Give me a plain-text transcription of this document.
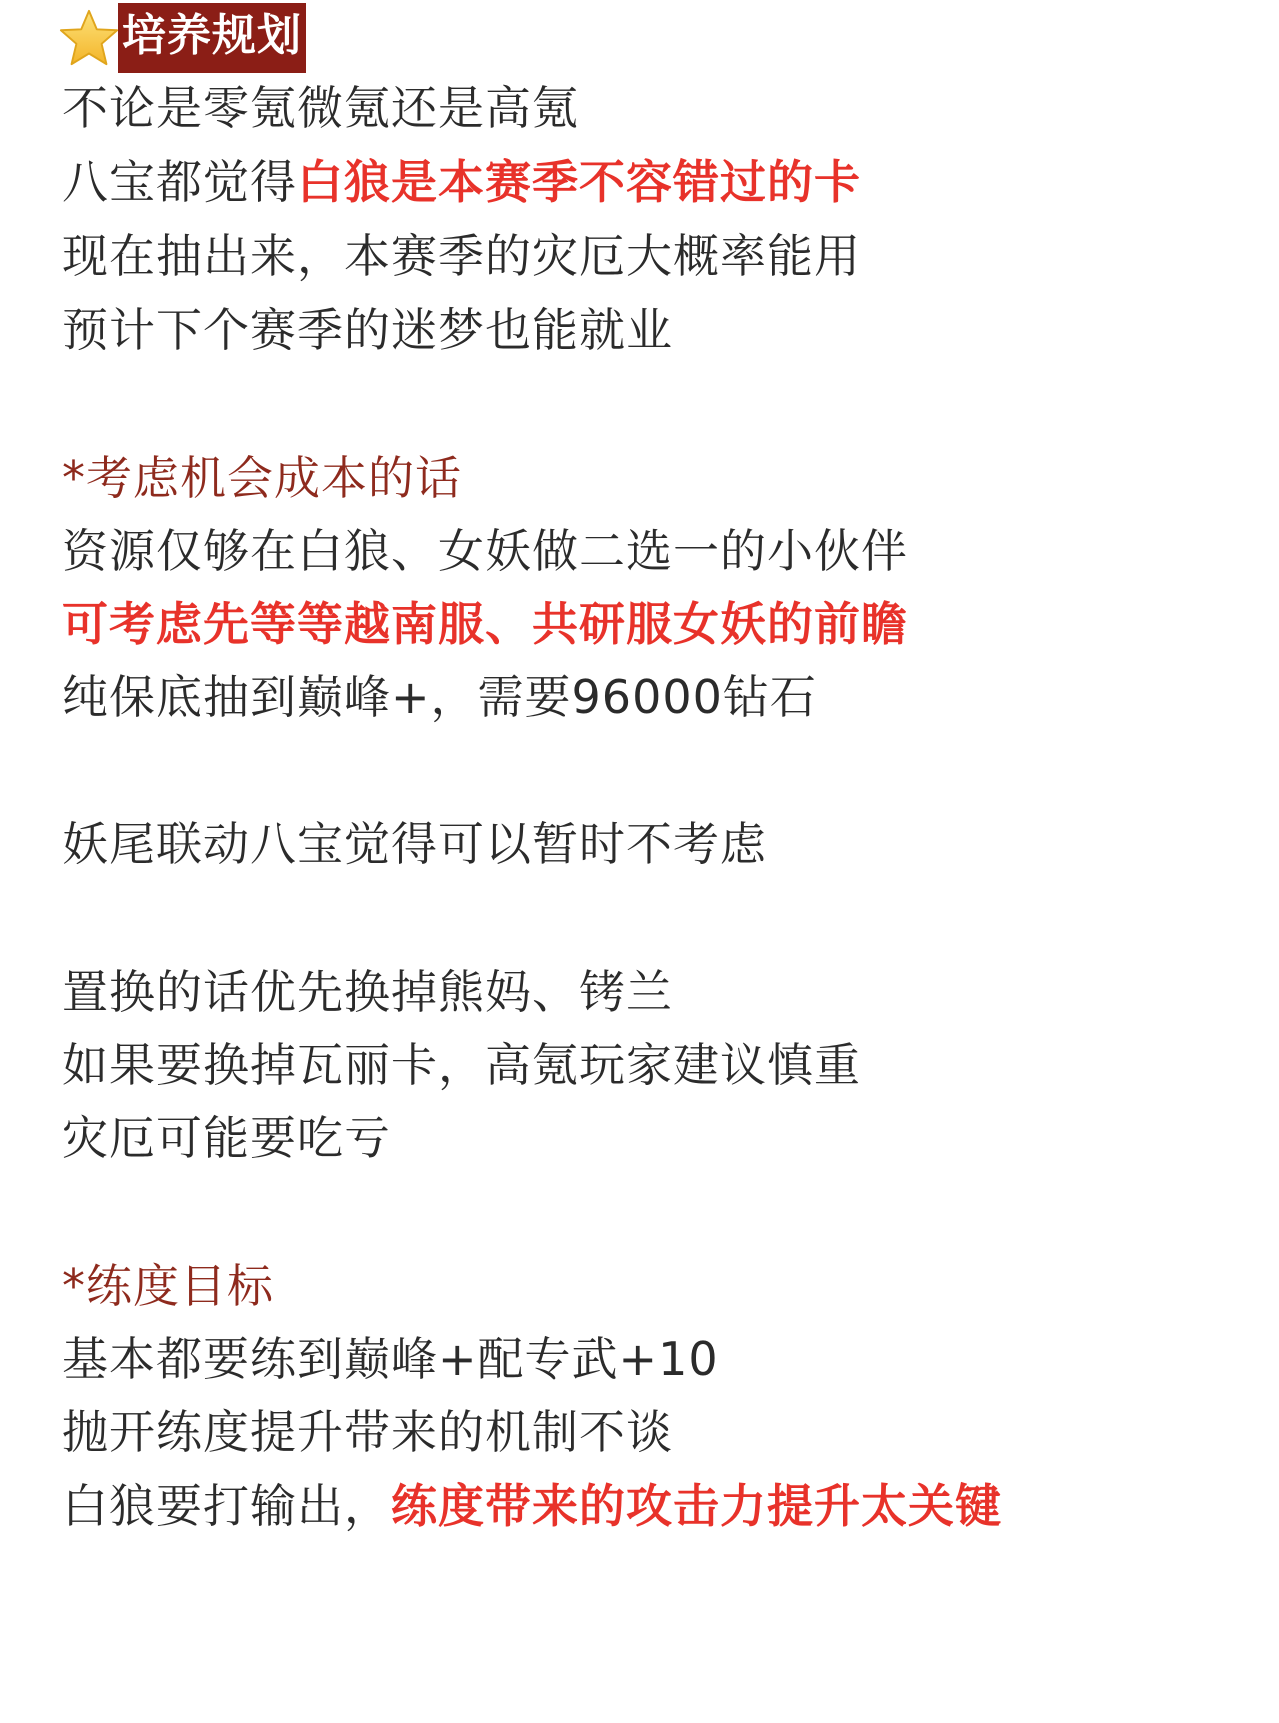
培养规划
不论是零氪微氪还是高氪
八宝都觉得白狼是本赛季不容错过的卡
现在抽出来，本赛季的灾厄大概率能用
预计下个赛季的迷梦也能就业
*考虑机会成本的话
资源仅够在白狼、女妖做二选一的小伙伴
可考虑先等等越南服、共研服女妖的前瞻
纯保底抽到巅峰+，需要96000钻石
妖尾联动八宝觉得可以暂时不考虑
置换的话优先换掉熊妈、铐兰
如果要换掉瓦丽卡，高氪玩家建议慎重
灾厄可能要吃亏
*练度目标
基本都要练到巅峰+配专武+10
抛开练度提升带来的机制不谈
白狼要打输出，练度带来的攻击力提升太关键
